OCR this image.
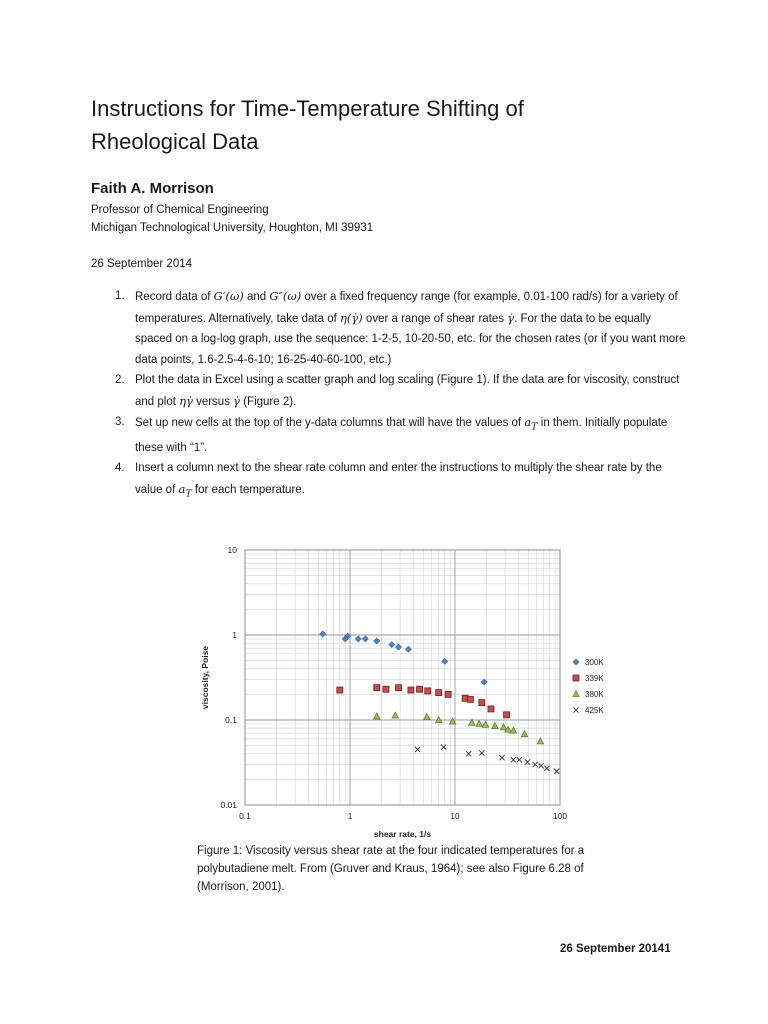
Instructions for Time-Temperature Shifting of
Rheological Data
Faith A. Morrison
Professor of Chemical Engineering
Michigan Technological University, Houghton, MI 39931
26 September 2014
1. Record data of G′(ω) and G″(ω) over a fixed frequency range (for example, 0.01-100 rad/s) for a variety of temperatures. Alternatively, take data of η(γ̇) over a range of shear rates γ̇. For the data to be equally spaced on a log-log graph, use the sequence: 1-2-5, 10-20-50, etc. for the chosen rates (or if you want more data points, 1.6-2.5-4-6-10; 16-25-40-60-100, etc.)
2. Plot the data in Excel using a scatter graph and log scaling (Figure 1). If the data are for viscosity, construct and plot ηγ̇ versus γ̇ (Figure 2).
3. Set up new cells at the top of the y-data columns that will have the values of $a_T$ in them. Initially populate these with “1”.
4. Insert a column next to the shear rate column and enter the instructions to multiply the shear rate by the value of $a_T$ for each temperature.
0.1	1	10	100
0.01
0.1
1
10
shear rate, 1/s
viscosity, Poise	300K
339K
380K
425K
Figure 1: Viscosity versus shear rate at the four indicated temperatures for a polybutadiene melt. From (Gruver and Kraus, 1964); see also Figure 6.28 of (Morrison, 2001).
26 September 20141
